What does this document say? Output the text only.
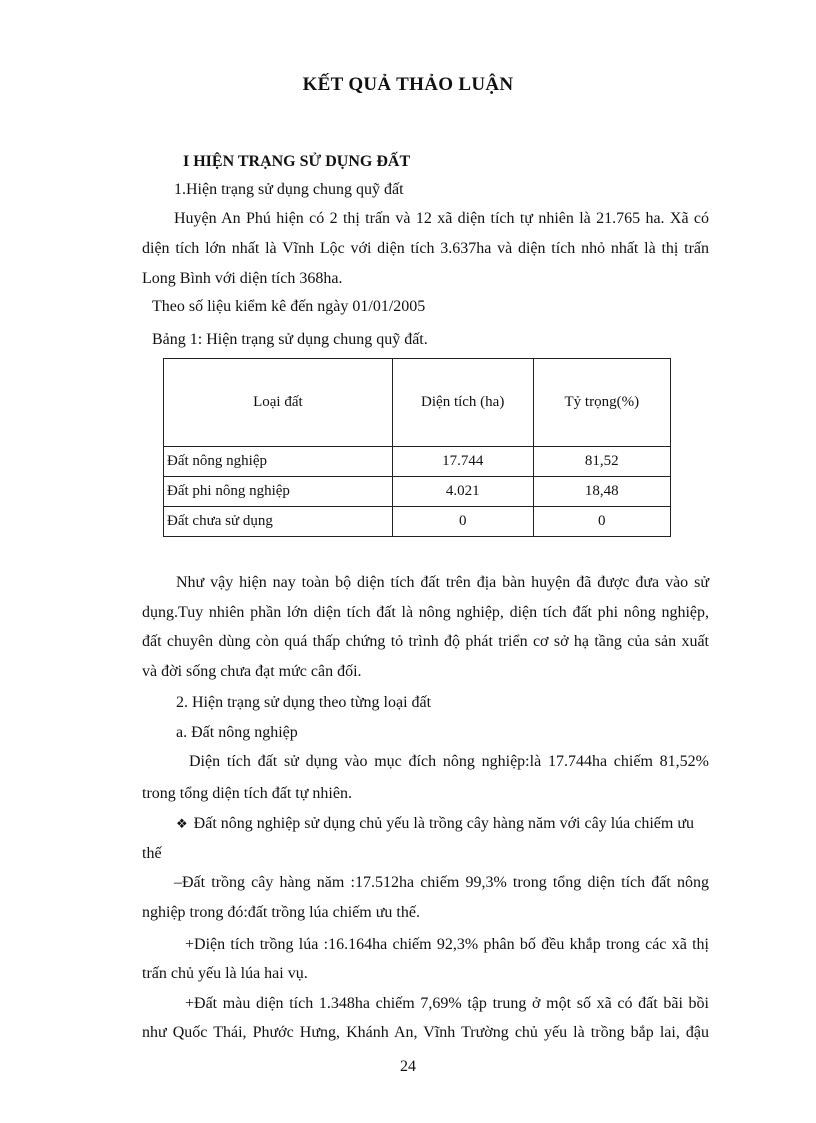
KẾT QUẢ THẢO LUẬN
I HIỆN TRẠNG SỬ DỤNG ĐẤT
1.Hiện trạng sử dụng chung quỹ đất
Huyện An Phú hiện có 2 thị trấn và 12 xã diện tích tự nhiên là 21.765 ha. Xã có
diện tích lớn nhất là Vĩnh Lộc với diện tích 3.637ha và diện tích nhỏ nhất là thị trấn
Long Bình với diện tích 368ha.
Theo số liệu kiểm kê đến ngày 01/01/2005
Bảng 1: Hiện trạng sử dụng chung quỹ đất.
Loại đất	Diện tích (ha)	Tỷ trọng(%)
Đất nông nghiệp	17.744	81,52
Đất phi nông nghiệp	4.021	18,48
Đất chưa sử dụng	0	0
Như vậy hiện nay toàn bộ diện tích đất trên địa bàn huyện đã được đưa vào sử
dụng.Tuy nhiên phần lớn diện tích đất là nông nghiệp, diện tích đất phi nông nghiệp,
đất chuyên dùng còn quá thấp chứng tỏ trình độ phát triển cơ sở hạ tầng của sản xuất
và đời sống chưa đạt mức cân đối.
2. Hiện trạng sử dụng theo từng loại đất
a. Đất nông nghiệp
Diện tích đất sử dụng vào mục đích nông nghiệp:là 17.744ha chiếm 81,52%
trong tổng diện tích đất tự nhiên.
❖ Đất nông nghiệp sử dụng chủ yếu là trồng cây hàng năm với cây lúa chiếm ưu
thế
–Đất trồng cây hàng năm :17.512ha chiếm 99,3% trong tổng diện tích đất nông
nghiệp trong đó:đất trồng lúa chiếm ưu thế.
+Diện tích trồng lúa :16.164ha chiếm 92,3% phân bố đều khắp trong các xã thị
trấn chủ yếu là lúa hai vụ.
+Đất màu diện tích 1.348ha chiếm 7,69% tập trung ở một số xã có đất bãi bồi
như Quốc Thái, Phước Hưng, Khánh An, Vĩnh Trường chủ yếu là trồng bắp lai, đậu
24
